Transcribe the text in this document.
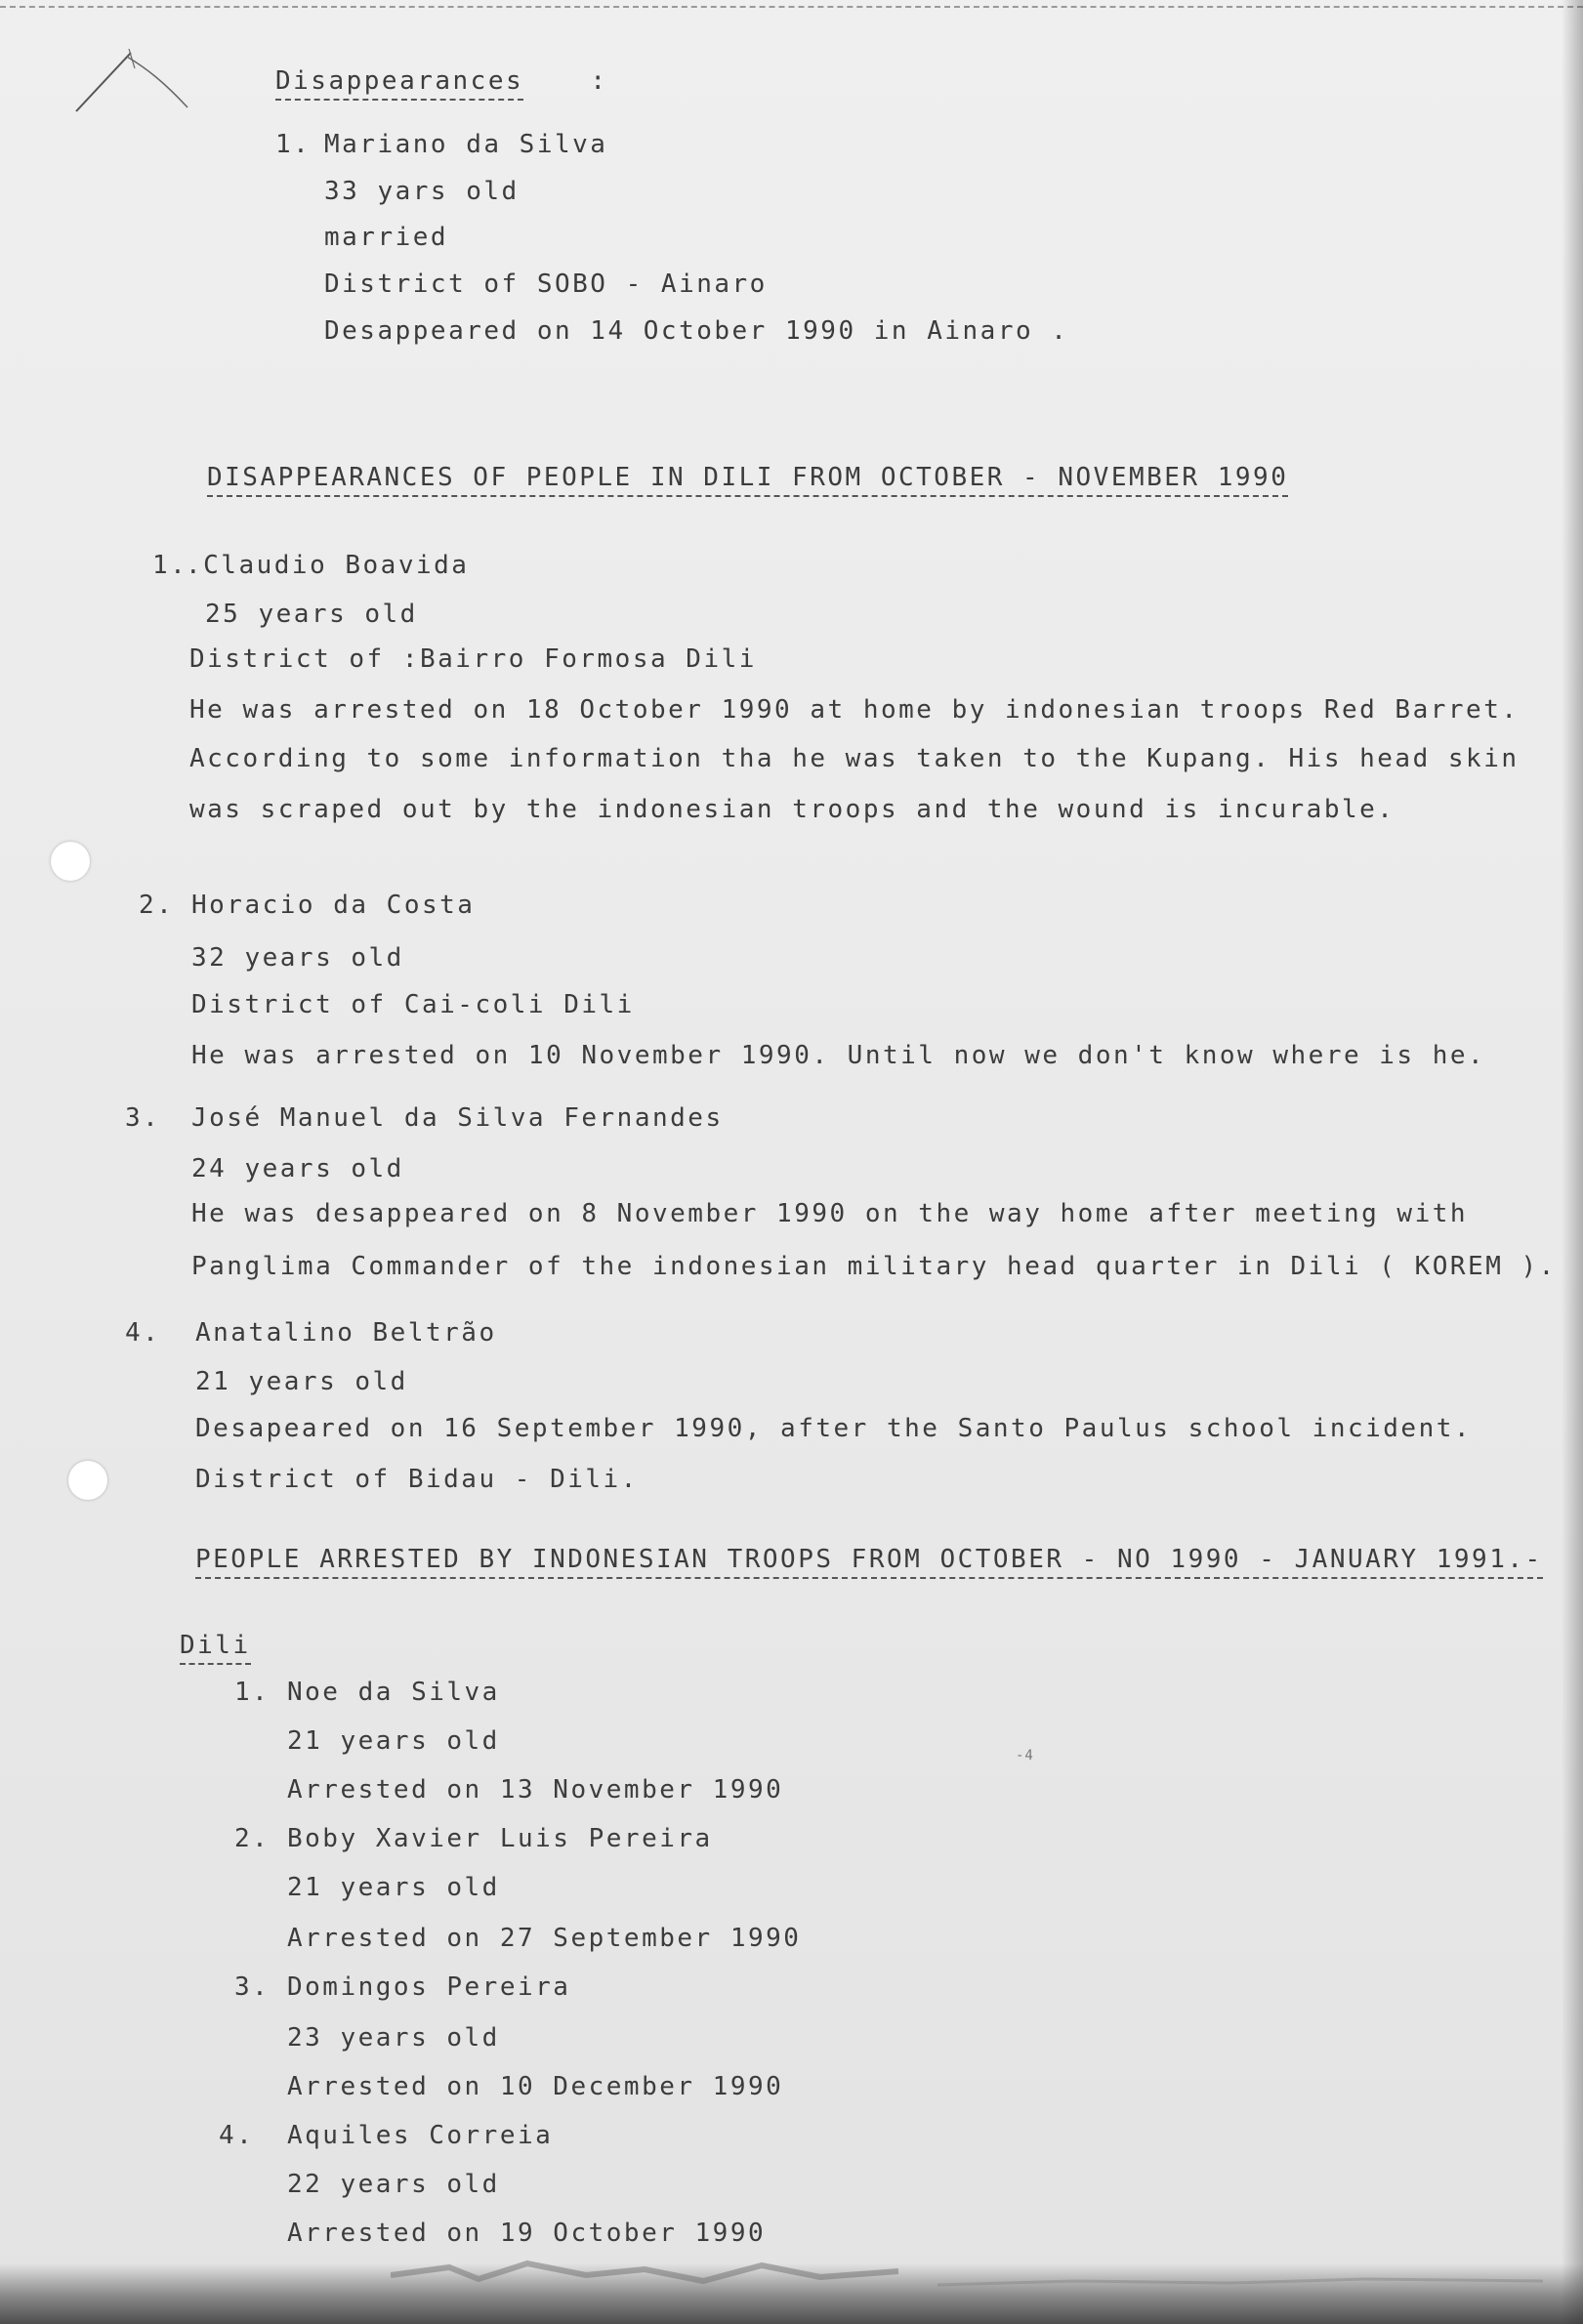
Disappearances	:
1. Mariano da Silva
33 yars old
married
District of SOBO - Ainaro
Desappeared on 14 October 1990 in Ainaro .
DISAPPEARANCES OF PEOPLE IN DILI FROM OCTOBER - NOVEMBER 1990
1.
.Claudio Boavida
25 years old
District of :Bairro Formosa Dili
He was arrested on 18 October 1990 at home by indonesian troops Red Barret.
According to some information tha he was taken to the Kupang. His head skin
was scraped out by the indonesian troops and the wound is incurable.
2. Horacio da Costa
32 years old
District of Cai-coli Dili
He was arrested on 10 November 1990. Until now we don't know where is he.
3. José Manuel da Silva Fernandes
24 years old
He was desappeared on 8 November 1990 on the way home after meeting with
Panglima Commander of the indonesian military head quarter in Dili ( KOREM ).
4. Anatalino Beltrão
21 years old
Desapeared on 16 September 1990, after the Santo Paulus school incident.
District of Bidau - Dili.
PEOPLE ARRESTED BY INDONESIAN TROOPS FROM OCTOBER - NO 1990 - JANUARY 1991.-
Dili
1. Noe da Silva
21 years old
Arrested on 13 November 1990
2. Boby Xavier Luis Pereira
21 years old
Arrested on 27 September 1990
3. Domingos Pereira
23 years old
Arrested on 10 December 1990
4. Aquiles Correia
22 years old
Arrested on 19 October 1990
-4
